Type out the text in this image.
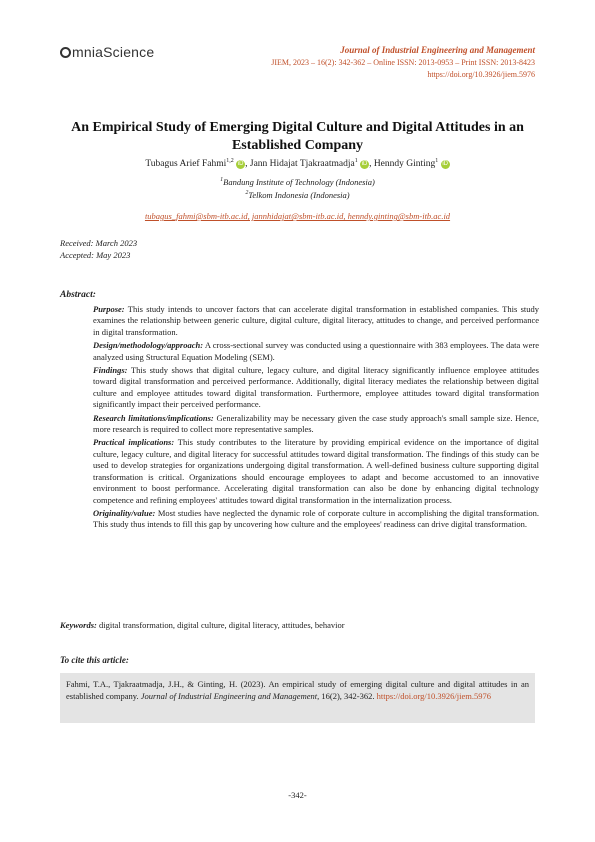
mniaScience	Journal of Industrial Engineering and Management
JIEM, 2023 – 16(2): 342-362 – Online ISSN: 2013-0953 – Print ISSN: 2013-8423
https://doi.org/10.3926/jiem.5976
An Empirical Study of Emerging Digital Culture and Digital Attitudes in an Established Company
Tubagus Arief Fahmi$^{1,2}$ iD , Jann Hidajat Tjakraatmadja$^1$ iD , Henndy Ginting$^1$ iD
$^1$Bandung Institute of Technology (Indonesia)
$^2$Telkom Indonesia (Indonesia)
tubagus_fahmi@sbm-itb.ac.id, jannhidajat@sbm-itb.ac.id, henndy.ginting@sbm-itb.ac.id
Received: March 2023
Accepted: May 2023
Abstract:

Purpose: This study intends to uncover factors that can accelerate digital transformation in established companies. This study examines the relationship between generic culture, digital culture, digital literacy, attitudes to change, and perceived performance in digital transformation.

Design/methodology/approach: A cross-sectional survey was conducted using a questionnaire with 383 employees. The data were analyzed using Structural Equation Modeling (SEM).

Findings: This study shows that digital culture, legacy culture, and digital literacy significantly influence employee attitudes toward digital transformation and perceived performance. Additionally, digital literacy mediates the relationship between digital culture and employee attitudes toward digital transformation. Furthermore, employee attitudes toward digital transformation significantly impact their perceived performance.

Research limitations/implications: Generalizability may be necessary given the case study approach's small sample size. Hence, more research is required to collect more representative samples.

Practical implications: This study contributes to the literature by providing empirical evidence on the importance of digital culture, legacy culture, and digital literacy for successful attitudes toward digital transformation. The findings of this study can be used to develop strategies for organizations undergoing digital transformation. A well-defined business culture supporting digital transformation is critical. Organizations should encourage employees to adapt and become accustomed to an innovative environment to boost performance. Accelerating digital transformation can also be done by enhancing digital technology competence and refining employees' attitudes toward digital transformation in the internalization process.

Originality/value: Most studies have neglected the dynamic role of corporate culture in accomplishing the digital transformation. This study thus intends to fill this gap by uncovering how culture and the employees' readiness can drive digital transformation.

Keywords: digital transformation, digital culture, digital literacy, attitudes, behavior
To cite this article:
Fahmi, T.A., Tjakraatmadja, J.H., & Ginting, H. (2023). An empirical study of emerging digital culture and digital attitudes in an established company. Journal of Industrial Engineering and Management, 16(2), 342-362. https://doi.org/10.3926/jiem.5976
-342-
